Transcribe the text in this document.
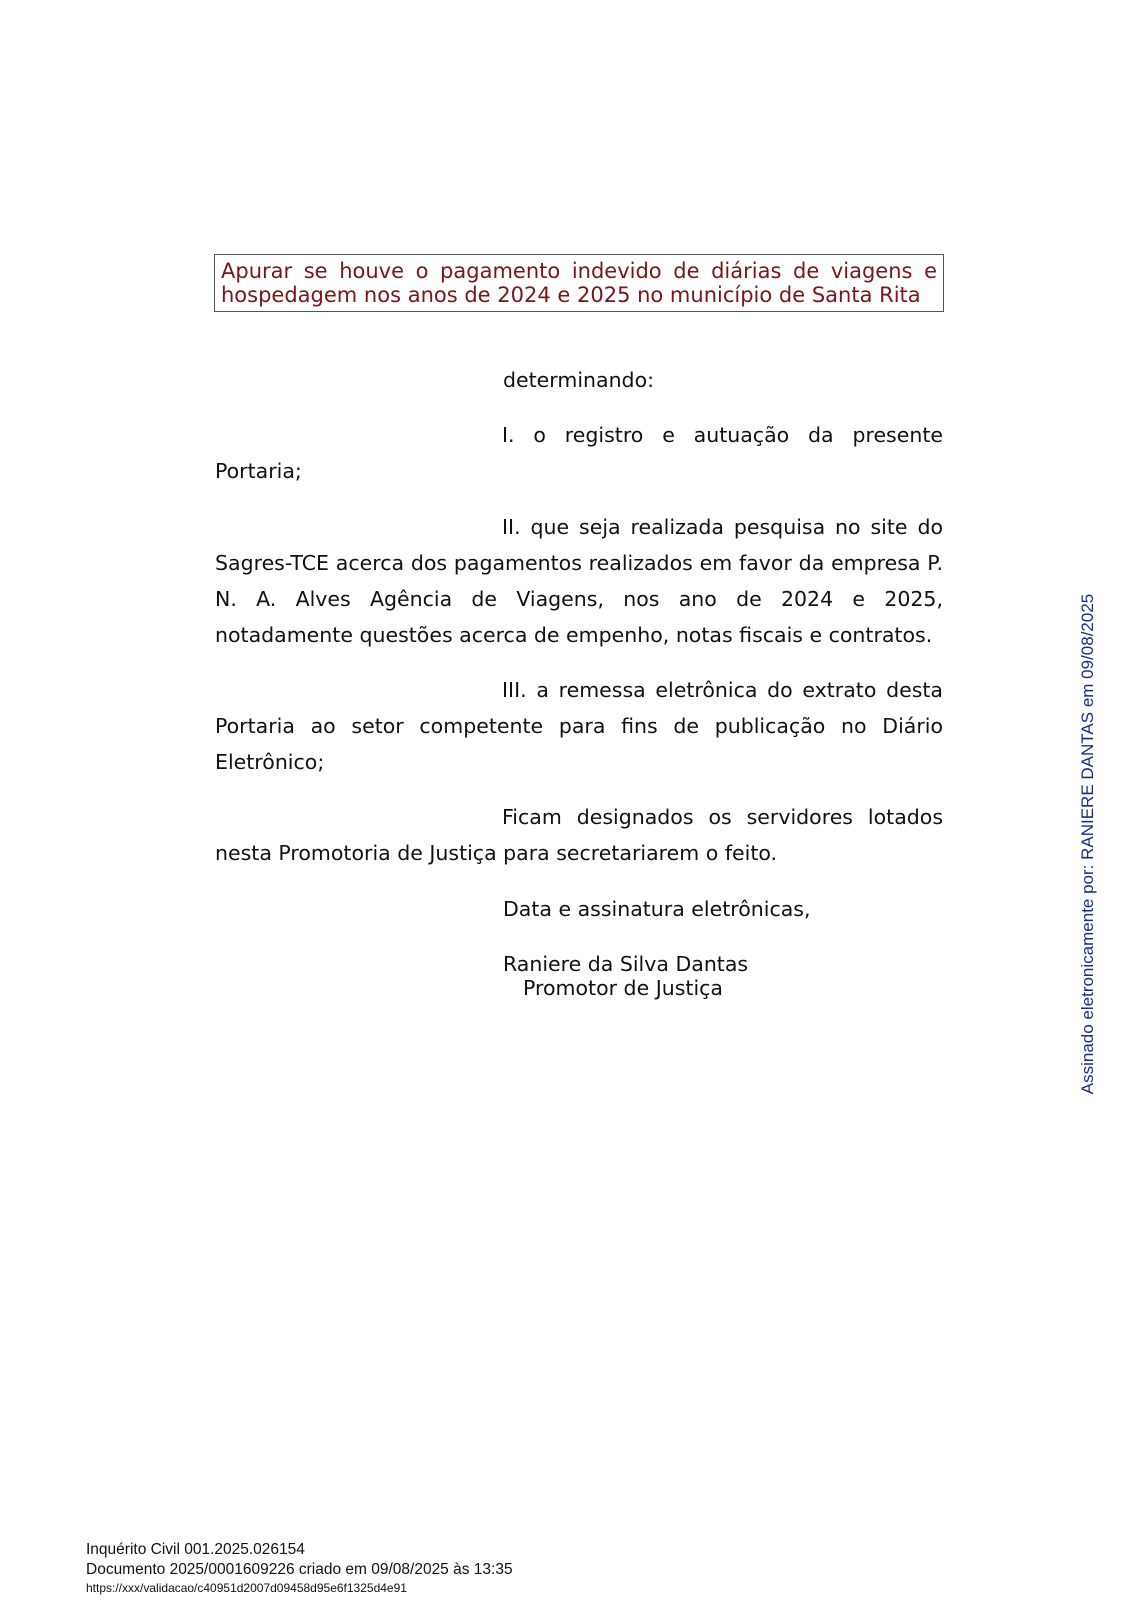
Apurar se houve o pagamento indevido de diárias de viagens e
hospedagem nos anos de 2024 e 2025 no município de Santa Rita
determinando:
I. o registro e autuação da presente
Portaria;
II. que seja realizada pesquisa no site do
Sagres-TCE acerca dos pagamentos realizados em favor da empresa P.
N. A. Alves Agência de Viagens, nos ano de 2024 e 2025,
notadamente questões acerca de empenho, notas fiscais e contratos.
III. a remessa eletrônica do extrato desta
Portaria ao setor competente para fins de publicação no Diário
Eletrônico;
Ficam designados os servidores lotados
nesta Promotoria de Justiça para secretariarem o feito.
Data e assinatura eletrônicas,
Raniere da Silva Dantas
Promotor de Justiça	Assinado eletronicamente por: RANIERE DANTAS em 09/08/2025
Inquérito Civil 001.2025.026154
Documento 2025/0001609226 criado em 09/08/2025 às 13:35
https://xxx/validacao/c40951d2007d09458d95e6f1325d4e91
